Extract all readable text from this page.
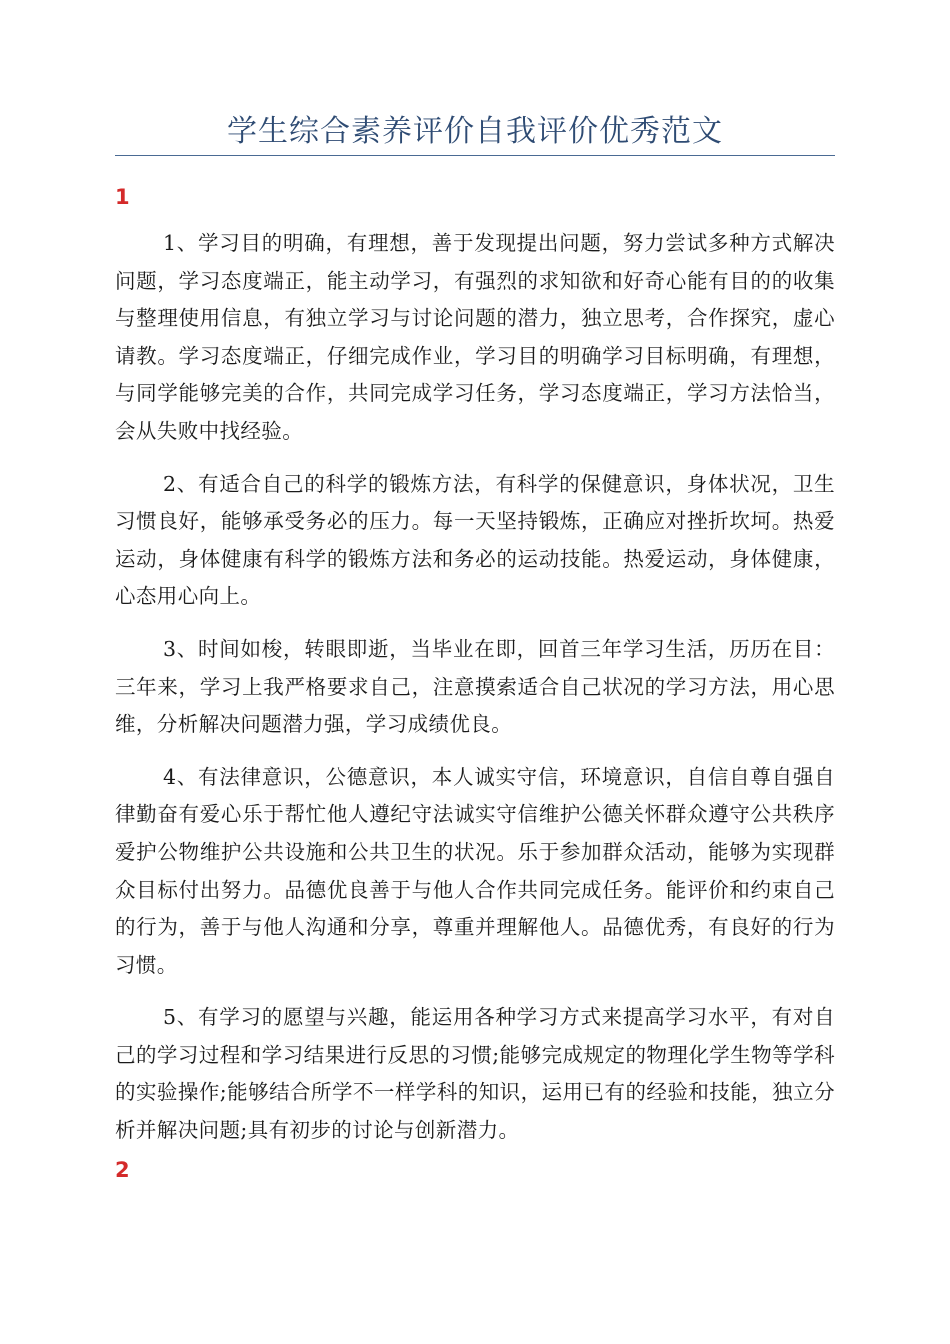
学生综合素养评价自我评价优秀范文
1

1、学习目的明确，有理想，善于发现提出问题，努力尝试多种方式解决问题，学习态度端正，能主动学习，有强烈的求知欲和好奇心能有目的的收集与整理使用信息，有独立学习与讨论问题的潜力，独立思考，合作探究，虚心请教。学习态度端正，仔细完成作业，学习目的明确学习目标明确，有理想，与同学能够完美的合作，共同完成学习任务，学习态度端正，学习方法恰当，会从失败中找经验。

2、有适合自己的科学的锻炼方法，有科学的保健意识，身体状况，卫生习惯良好，能够承受务必的压力。每一天坚持锻炼，正确应对挫折坎坷。热爱运动，身体健康有科学的锻炼方法和务必的运动技能。热爱运动，身体健康，心态用心向上。

3、时间如梭，转眼即逝，当毕业在即，回首三年学习生活，历历在目：三年来，学习上我严格要求自己，注意摸索适合自己状况的学习方法，用心思维，分析解决问题潜力强，学习成绩优良。

4、有法律意识，公德意识，本人诚实守信，环境意识，自信自尊自强自律勤奋有爱心乐于帮忙他人遵纪守法诚实守信维护公德关怀群众遵守公共秩序爱护公物维护公共设施和公共卫生的状况。乐于参加群众活动，能够为实现群众目标付出努力。品德优良善于与他人合作共同完成任务。能评价和约束自己的行为，善于与他人沟通和分享，尊重并理解他人。品德优秀，有良好的行为习惯。

5、有学习的愿望与兴趣，能运用各种学习方式来提高学习水平，有对自己的学习过程和学习结果进行反思的习惯;能够完成规定的物理化学生物等学科的实验操作;能够结合所学不一样学科的知识，运用已有的经验和技能，独立分析并解决问题;具有初步的讨论与创新潜力。

2
